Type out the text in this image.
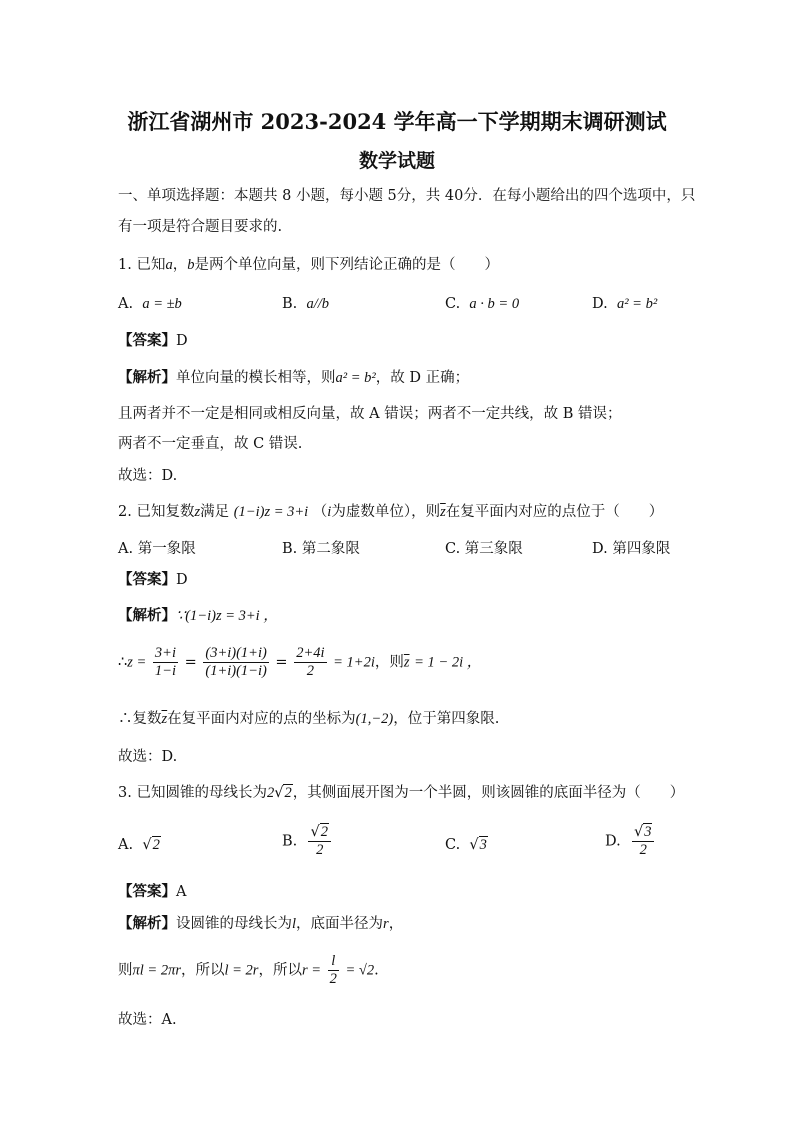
浙江省湖州市 2023-2024 学年高一下学期期末调研测试
数学试题
一、单项选择题：本题共 8 小题，每小题 5分，共 40分．在每小题给出的四个选项中，只
有一项是符合题目要求的.
1. 已知a，b是两个单位向量，则下列结论正确的是（　　）
A. a = ±b	B. a//b	C. a · b = 0	D. a² = b²
【答案】D
【解析】单位向量的模长相等，则a² = b²，故 D 正确；
且两者并不一定是相同或相反向量，故 A 错误；两者不一定共线，故 B 错误；
两者不一定垂直，故 C 错误.
故选：D.
2. 已知复数z满足 (1−i)z = 3+i （i为虚数单位），则$\overline{z}$在复平面内对应的点位于（　　）
A. 第一象限	B. 第二象限	C. 第三象限	D. 第四象限
【答案】D
【解析】∵(1−i)z = 3+i ，
∴z = $\frac{3+i}{1-i} = \frac{(3+i)(1+i)}{(1+i)(1-i)} = \frac{2+4i}{2} = 1+2i$，则$\overline{z} = 1 - 2i$ ，
∴复数$\overline{z}$在复平面内对应的点的坐标为(1,−2)，位于第四象限.
故选：D.
3. 已知圆锥的母线长为2√2，其侧面展开图为一个半圆，则该圆锥的底面半径为（　　）
A. √2	B. $\frac{√2}{2}$	C. √3	D. $\frac{√3}{2}$
【答案】A
【解析】设圆锥的母线长为l，底面半径为r，
则πl = 2πr，所以l = 2r，所以$r = \frac{l}{2} = √2$.
故选：A.
